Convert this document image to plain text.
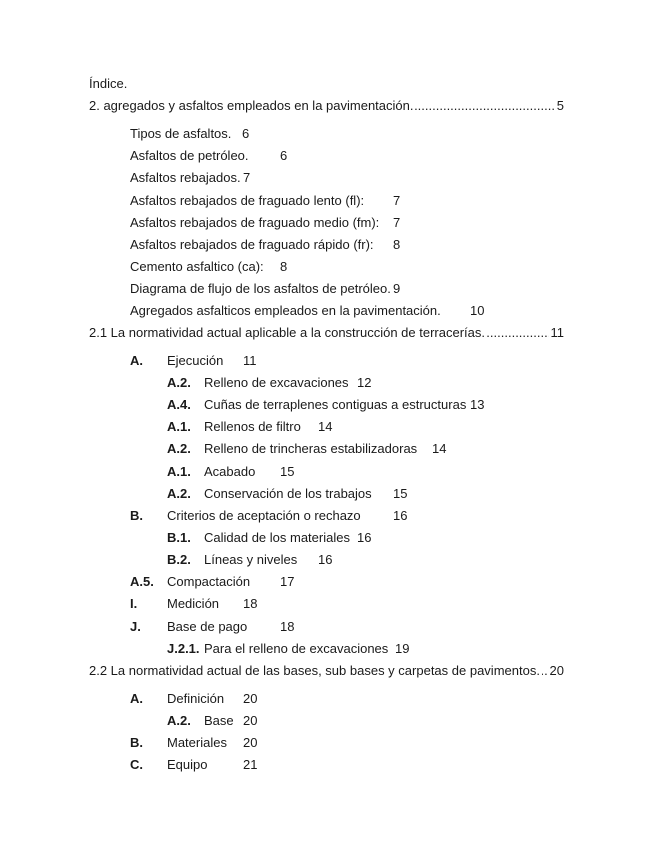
Índice.
2. agregados y asfaltos empleados en la pavimentación.	5
Tipos de asfaltos. 6
Asfaltos de petróleo. 6
Asfaltos rebajados. 7
Asfaltos rebajados de fraguado lento (fl): 7
Asfaltos rebajados de fraguado medio (fm): 7
Asfaltos rebajados de fraguado rápido (fr): 8
Cemento asfaltico (ca): 8
Diagrama de flujo de los asfaltos de petróleo. 9
Agregados asfalticos empleados en la pavimentación. 10
2.1 La normatividad actual aplicable a la construcción de terracerías.	11
A. Ejecución 11
A.2. Relleno de excavaciones 12
A.4. Cuñas de terraplenes contiguas a estructuras 13
A.1. Rellenos de filtro 14
A.2. Relleno de trincheras estabilizadoras 14
A.1. Acabado 15
A.2. Conservación de los trabajos 15
B. Criterios de aceptación o rechazo 16
B.1. Calidad de los materiales 16
B.2. Líneas y niveles 16
A.5. Compactación 17
I. Medición 18
J. Base de pago	18
J.2.1. Para el relleno de excavaciones 19
2.2 La normatividad actual de las bases, sub bases y carpetas de pavimentos. 20
A. Definición 20
A.2. Base 20
B. Materiales 20
C. Equipo	21
